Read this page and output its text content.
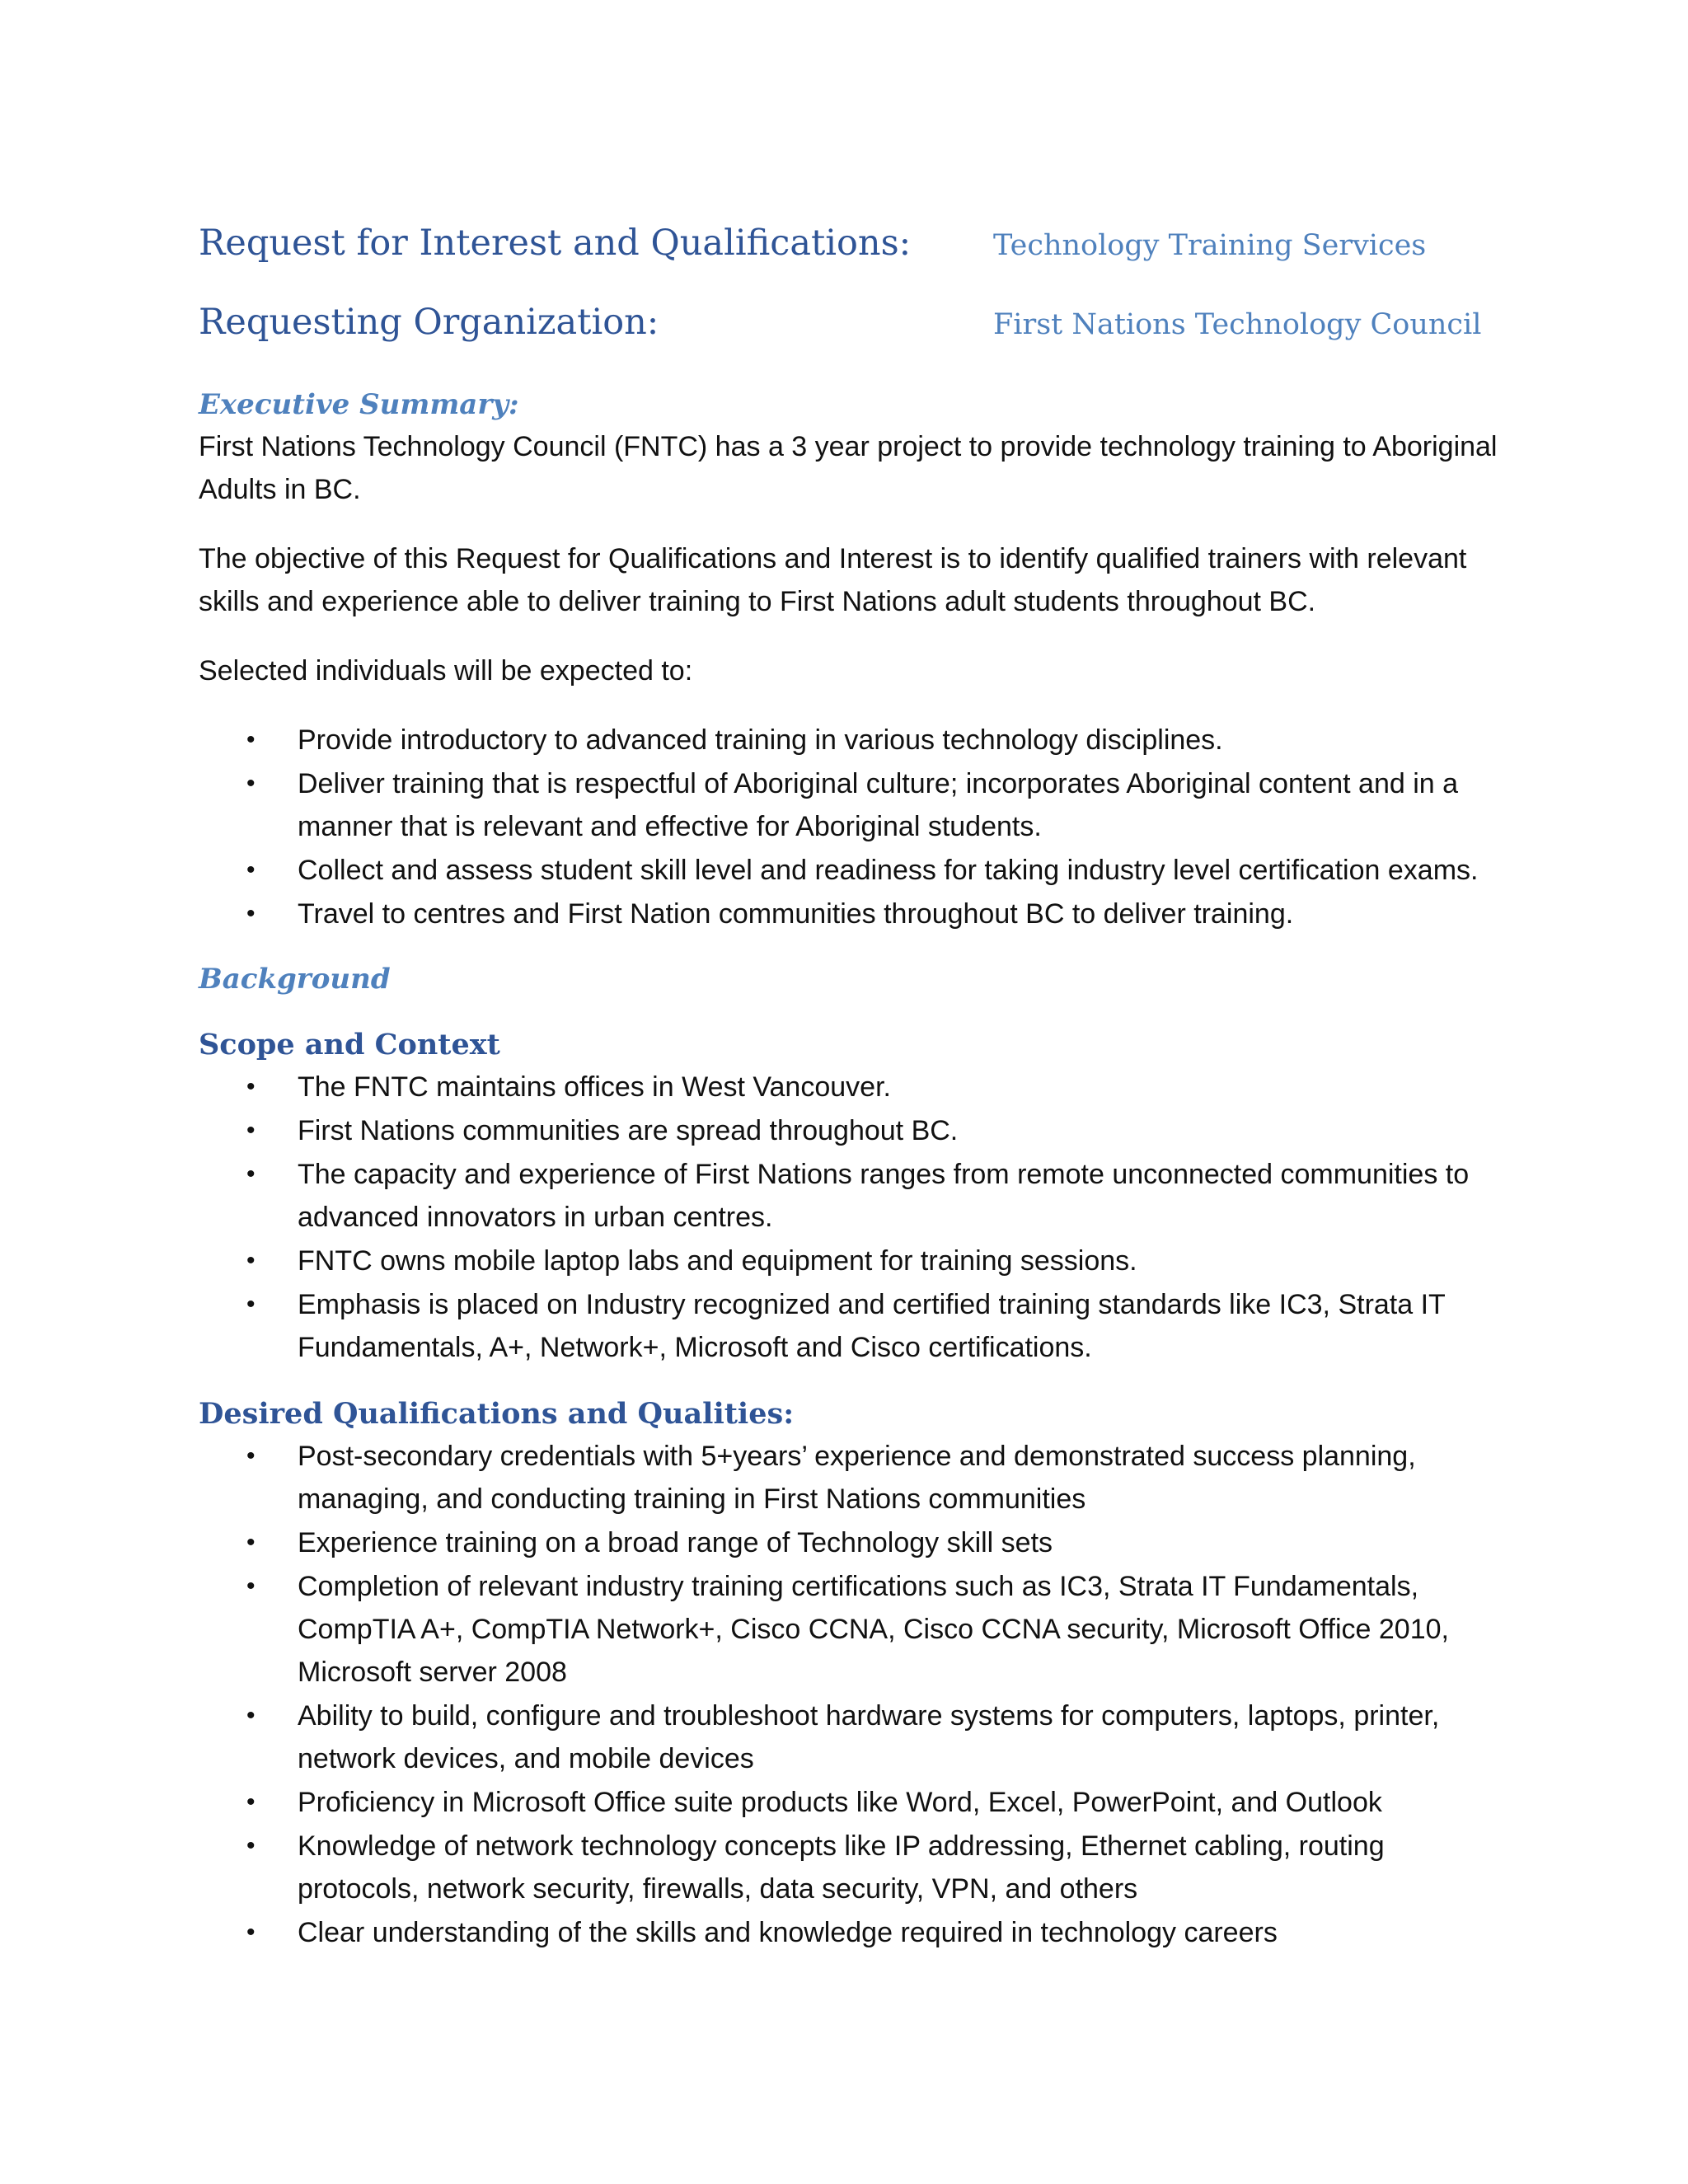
Request for Interest and Qualifications:	Technology Training Services
Requesting Organization:	First Nations Technology Council
Executive Summary:

First Nations Technology Council (FNTC) has a 3 year project to provide technology training to Aboriginal Adults in BC.

The objective of this Request for Qualifications and Interest is to identify qualified trainers with relevant skills and experience able to deliver training to First Nations adult students throughout BC.

Selected individuals will be expected to:

• Provide introductory to advanced training in various technology disciplines.
• Deliver training that is respectful of Aboriginal culture; incorporates Aboriginal content and in a manner that is relevant and effective for Aboriginal students.
• Collect and assess student skill level and readiness for taking industry level certification exams.
• Travel to centres and First Nation communities throughout BC to deliver training.
Background
Scope and Context
• The FNTC maintains offices in West Vancouver.
• First Nations communities are spread throughout BC.
• The capacity and experience of First Nations ranges from remote unconnected communities to advanced innovators in urban centres.
• FNTC owns mobile laptop labs and equipment for training sessions.
• Emphasis is placed on Industry recognized and certified training standards like IC3, Strata IT Fundamentals, A+, Network+, Microsoft and Cisco certifications.
Desired Qualifications and Qualities:
• Post-secondary credentials with 5+years’ experience and demonstrated success planning, managing, and conducting training in First Nations communities
• Experience training on a broad range of Technology skill sets
• Completion of relevant industry training certifications such as IC3, Strata IT Fundamentals, CompTIA A+, CompTIA Network+, Cisco CCNA, Cisco CCNA security, Microsoft Office 2010, Microsoft server 2008
• Ability to build, configure and troubleshoot hardware systems for computers, laptops, printer, network devices, and mobile devices
• Proficiency in Microsoft Office suite products like Word, Excel, PowerPoint, and Outlook
• Knowledge of network technology concepts like IP addressing, Ethernet cabling, routing protocols, network security, firewalls, data security, VPN, and others
• Clear understanding of the skills and knowledge required in technology careers
